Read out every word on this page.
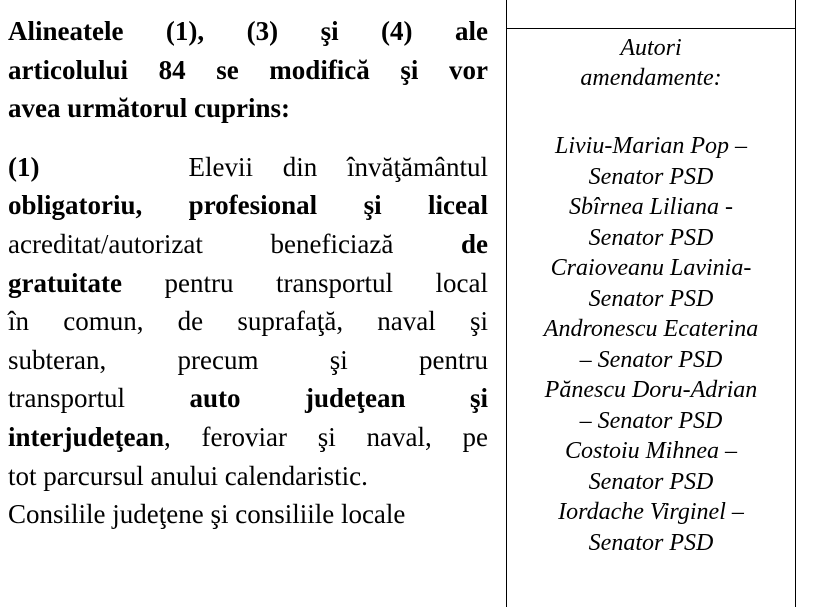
Alineatele (1), (3) şi (4) ale
articolului 84 se modifică şi vor
avea următorul cuprins:
(1)	Elevii din învăţământul
obligatoriu, profesional şi liceal
acreditat/autorizat beneficiază de
gratuitate pentru transportul local
în comun, de suprafaţă, naval şi
subteran, precum şi pentru
transportul auto judeţean şi
interjudeţean, feroviar şi naval, pe
tot parcursul anului calendaristic.
Consilile judeţene şi consiliile locale
Autori
amendamente:
Liviu-Marian Pop –
Senator PSD
Sbîrnea Liliana -
Senator PSD
Craioveanu Lavinia-
Senator PSD
Andronescu Ecaterina
– Senator PSD
Pănescu Doru-Adrian
– Senator PSD
Costoiu Mihnea –
Senator PSD
Iordache Virginel –
Senator PSD
